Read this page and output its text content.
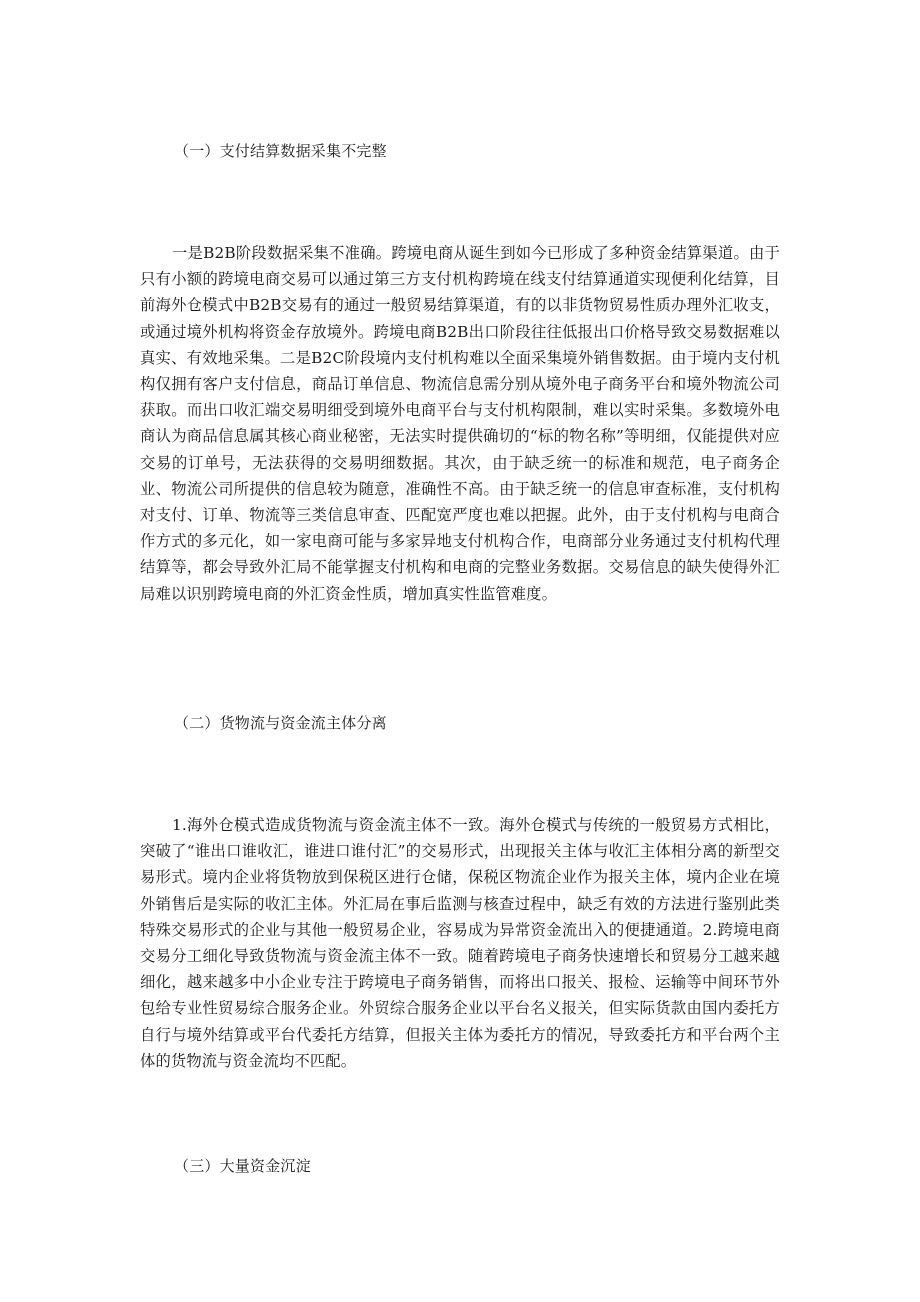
（一）支付结算数据采集不完整
一是B2B阶段数据采集不准确。跨境电商从诞生到如今已形成了多种资金结算渠道。由于只有小额的跨境电商交易可以通过第三方支付机构跨境在线支付结算通道实现便利化结算，目前海外仓模式中B2B交易有的通过一般贸易结算渠道，有的以非货物贸易性质办理外汇收支，或通过境外机构将资金存放境外。跨境电商B2B出口阶段往往低报出口价格导致交易数据难以真实、有效地采集。二是B2C阶段境内支付机构难以全面采集境外销售数据。由于境内支付机构仅拥有客户支付信息，商品订单信息、物流信息需分别从境外电子商务平台和境外物流公司获取。而出口收汇端交易明细受到境外电商平台与支付机构限制，难以实时采集。多数境外电商认为商品信息属其核心商业秘密，无法实时提供确切的“标的物名称”等明细，仅能提供对应交易的订单号，无法获得的交易明细数据。其次，由于缺乏统一的标准和规范，电子商务企业、物流公司所提供的信息较为随意，准确性不高。由于缺乏统一的信息审查标准，支付机构对支付、订单、物流等三类信息审查、匹配宽严度也难以把握。此外，由于支付机构与电商合作方式的多元化，如一家电商可能与多家异地支付机构合作，电商部分业务通过支付机构代理结算等，都会导致外汇局不能掌握支付机构和电商的完整业务数据。交易信息的缺失使得外汇局难以识别跨境电商的外汇资金性质，增加真实性监管难度。
（二）货物流与资金流主体分离
1.海外仓模式造成货物流与资金流主体不一致。海外仓模式与传统的一般贸易方式相比，突破了“谁出口谁收汇，谁进口谁付汇”的交易形式，出现报关主体与收汇主体相分离的新型交易形式。境内企业将货物放到保税区进行仓储，保税区物流企业作为报关主体，境内企业在境外销售后是实际的收汇主体。外汇局在事后监测与核查过程中，缺乏有效的方法进行鉴别此类特殊交易形式的企业与其他一般贸易企业，容易成为异常资金流出入的便捷通道。2.跨境电商交易分工细化导致货物流与资金流主体不一致。随着跨境电子商务快速增长和贸易分工越来越细化，越来越多中小企业专注于跨境电子商务销售，而将出口报关、报检、运输等中间环节外包给专业性贸易综合服务企业。外贸综合服务企业以平台名义报关，但实际货款由国内委托方自行与境外结算或平台代委托方结算，但报关主体为委托方的情况，导致委托方和平台两个主体的货物流与资金流均不匹配。
（三）大量资金沉淀
